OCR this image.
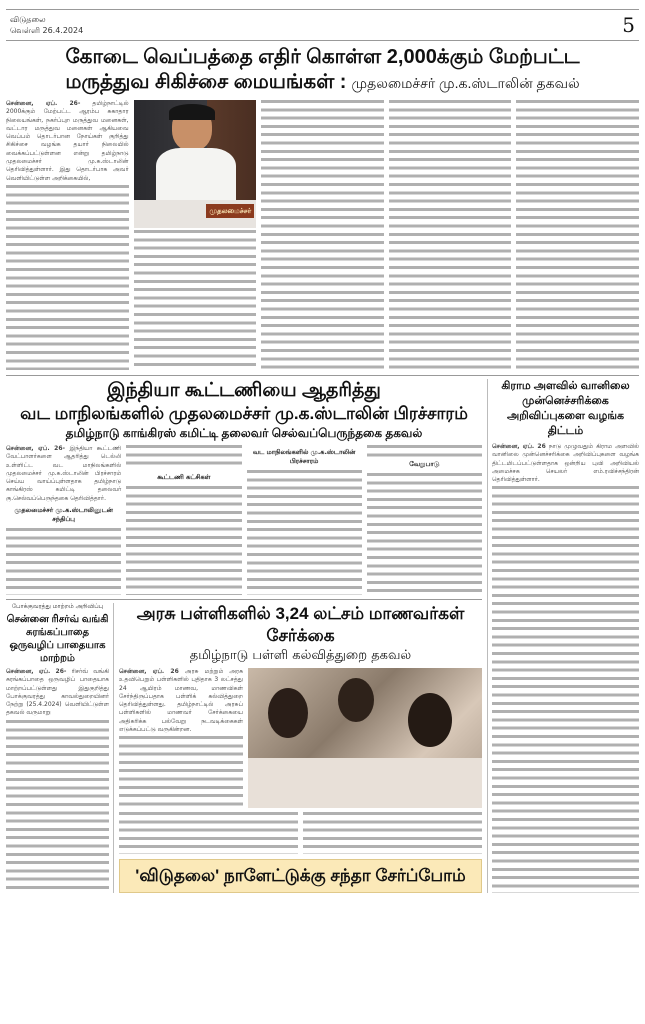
விடுதலை
வெள்ளி 26.4.2024	5
கோடை வெப்பத்தை எதிர் கொள்ள 2,000க்கும் மேற்பட்ட
மருத்துவ சிகிச்சை மையங்கள் : முதலமைச்சர் மு.க.ஸ்டாலின் தகவல்
சென்னை, ஏப். 26- தமிழ்நாட்டில் 2000க்கும் மேற்பட்ட ஆரம்ப சுகாதார நிலையங்கள், நகர்ப்புற மருத்துவ மனைகள், வட்டார மருத்துவ மனைகள் ஆகியவை வெப்பம் தொடர்பான நோய்கள் குறித்து சிகிச்சை வழங்க தயார் நிலையில் வைக்கப்பட்டுள்ளன என்று தமிழ்நாடு முதலமைச்சர் மு.க.ஸ்டாலின் தெரிவித்துள்ளார். இது தொடர்பாக அவர் வெளியிட்டுள்ள அறிக்கையில்,
முதலமைச்சர்
இந்தியா கூட்டணியை ஆதரித்து
வட மாநிலங்களில் முதலமைச்சர் மு.க.ஸ்டாலின் பிரச்சாரம்
தமிழ்நாடு காங்கிரஸ் கமிட்டி தலைவர் செல்வப்பெருந்தகை தகவல்
சென்னை, ஏப். 26- இந்தியா கூட்டணி வேட்பாளர்களை ஆதரித்து டெல்லி உள்ளிட்ட வட மாநிலங்களில் முதலமைச்சர் மு.க.ஸ்டாலின் பிரச்சாரம் செய்ய வாய்ப்புள்ளதாக தமிழ்நாடு காங்கிரஸ் கமிட்டி தலைவர் கு.செல்வப்பெருந்தகை தெரிவித்தார்.
முதலமைச்சர் மு.க.ஸ்டாலினுடன் சந்திப்பு
கூட்டணி கட்சிகள்
வட மாநிலங்களில் மு.க.ஸ்டாலின் பிரச்சாரம்	வேறுபாடு
போக்குவரத்து மாற்றம் அறிவிப்பு
சென்னை ரிசர்வ் வங்கி சுரங்கப்பாதை ஒருவழிப் பாதையாக மாற்றம்
சென்னை, ஏப். 26- ரிசர்வ் வங்கி சுரங்கப்பாதை ஒருவழிப் பாதையாக மாற்றப்பட்டுள்ளது இதுகுறித்து போக்குவரத்து காவல்துறையினர் நேற்று (25.4.2024) வெளியிட்டுள்ள தகவல் வருமாறு
அரசு பள்ளிகளில் 3,24 லட்சம் மாணவர்கள் சேர்க்கை
தமிழ்நாடு பள்ளி கல்வித்துறை தகவல்
சென்னை, ஏப். 26 அரசு மற்றும் அரசு உதவிபெறும் பள்ளிகளில் புதிதாக 3 லட்சத்து 24 ஆயிரம் மாணவ, மாணவிகள் சேர்ந்திருப்பதாக பள்ளிக் கல்வித்துறை தெரிவித்துள்ளது. தமிழ்நாட்டில் அரசுப் பள்ளிகளில் மாணவர் சேர்க்கையை அதிகரிக்க பல்வேறு நடவடிக்கைகள் எடுக்கப்பட்டு வருகின்றன.
'விடுதலை' நாளேட்டுக்கு சந்தா சேர்ப்போம்
கிராம அளவில் வானிலை முன்னெச்சரிக்கை அறிவிப்புகளை வழங்க திட்டம்
சென்னை, ஏப். 26 நாடு முழுவதும் கிராம அளவில் வானிலை முன்னெச்சரிக்கை அறிவிப்புகளை வழங்க திட்டமிடப்பட்டுள்ளதாக ஒன்றிய புவி அறிவியல் அமைச்சக செயலர் எம்.ரவிச்சந்திரன் தெரிவித்துள்ளார்.
